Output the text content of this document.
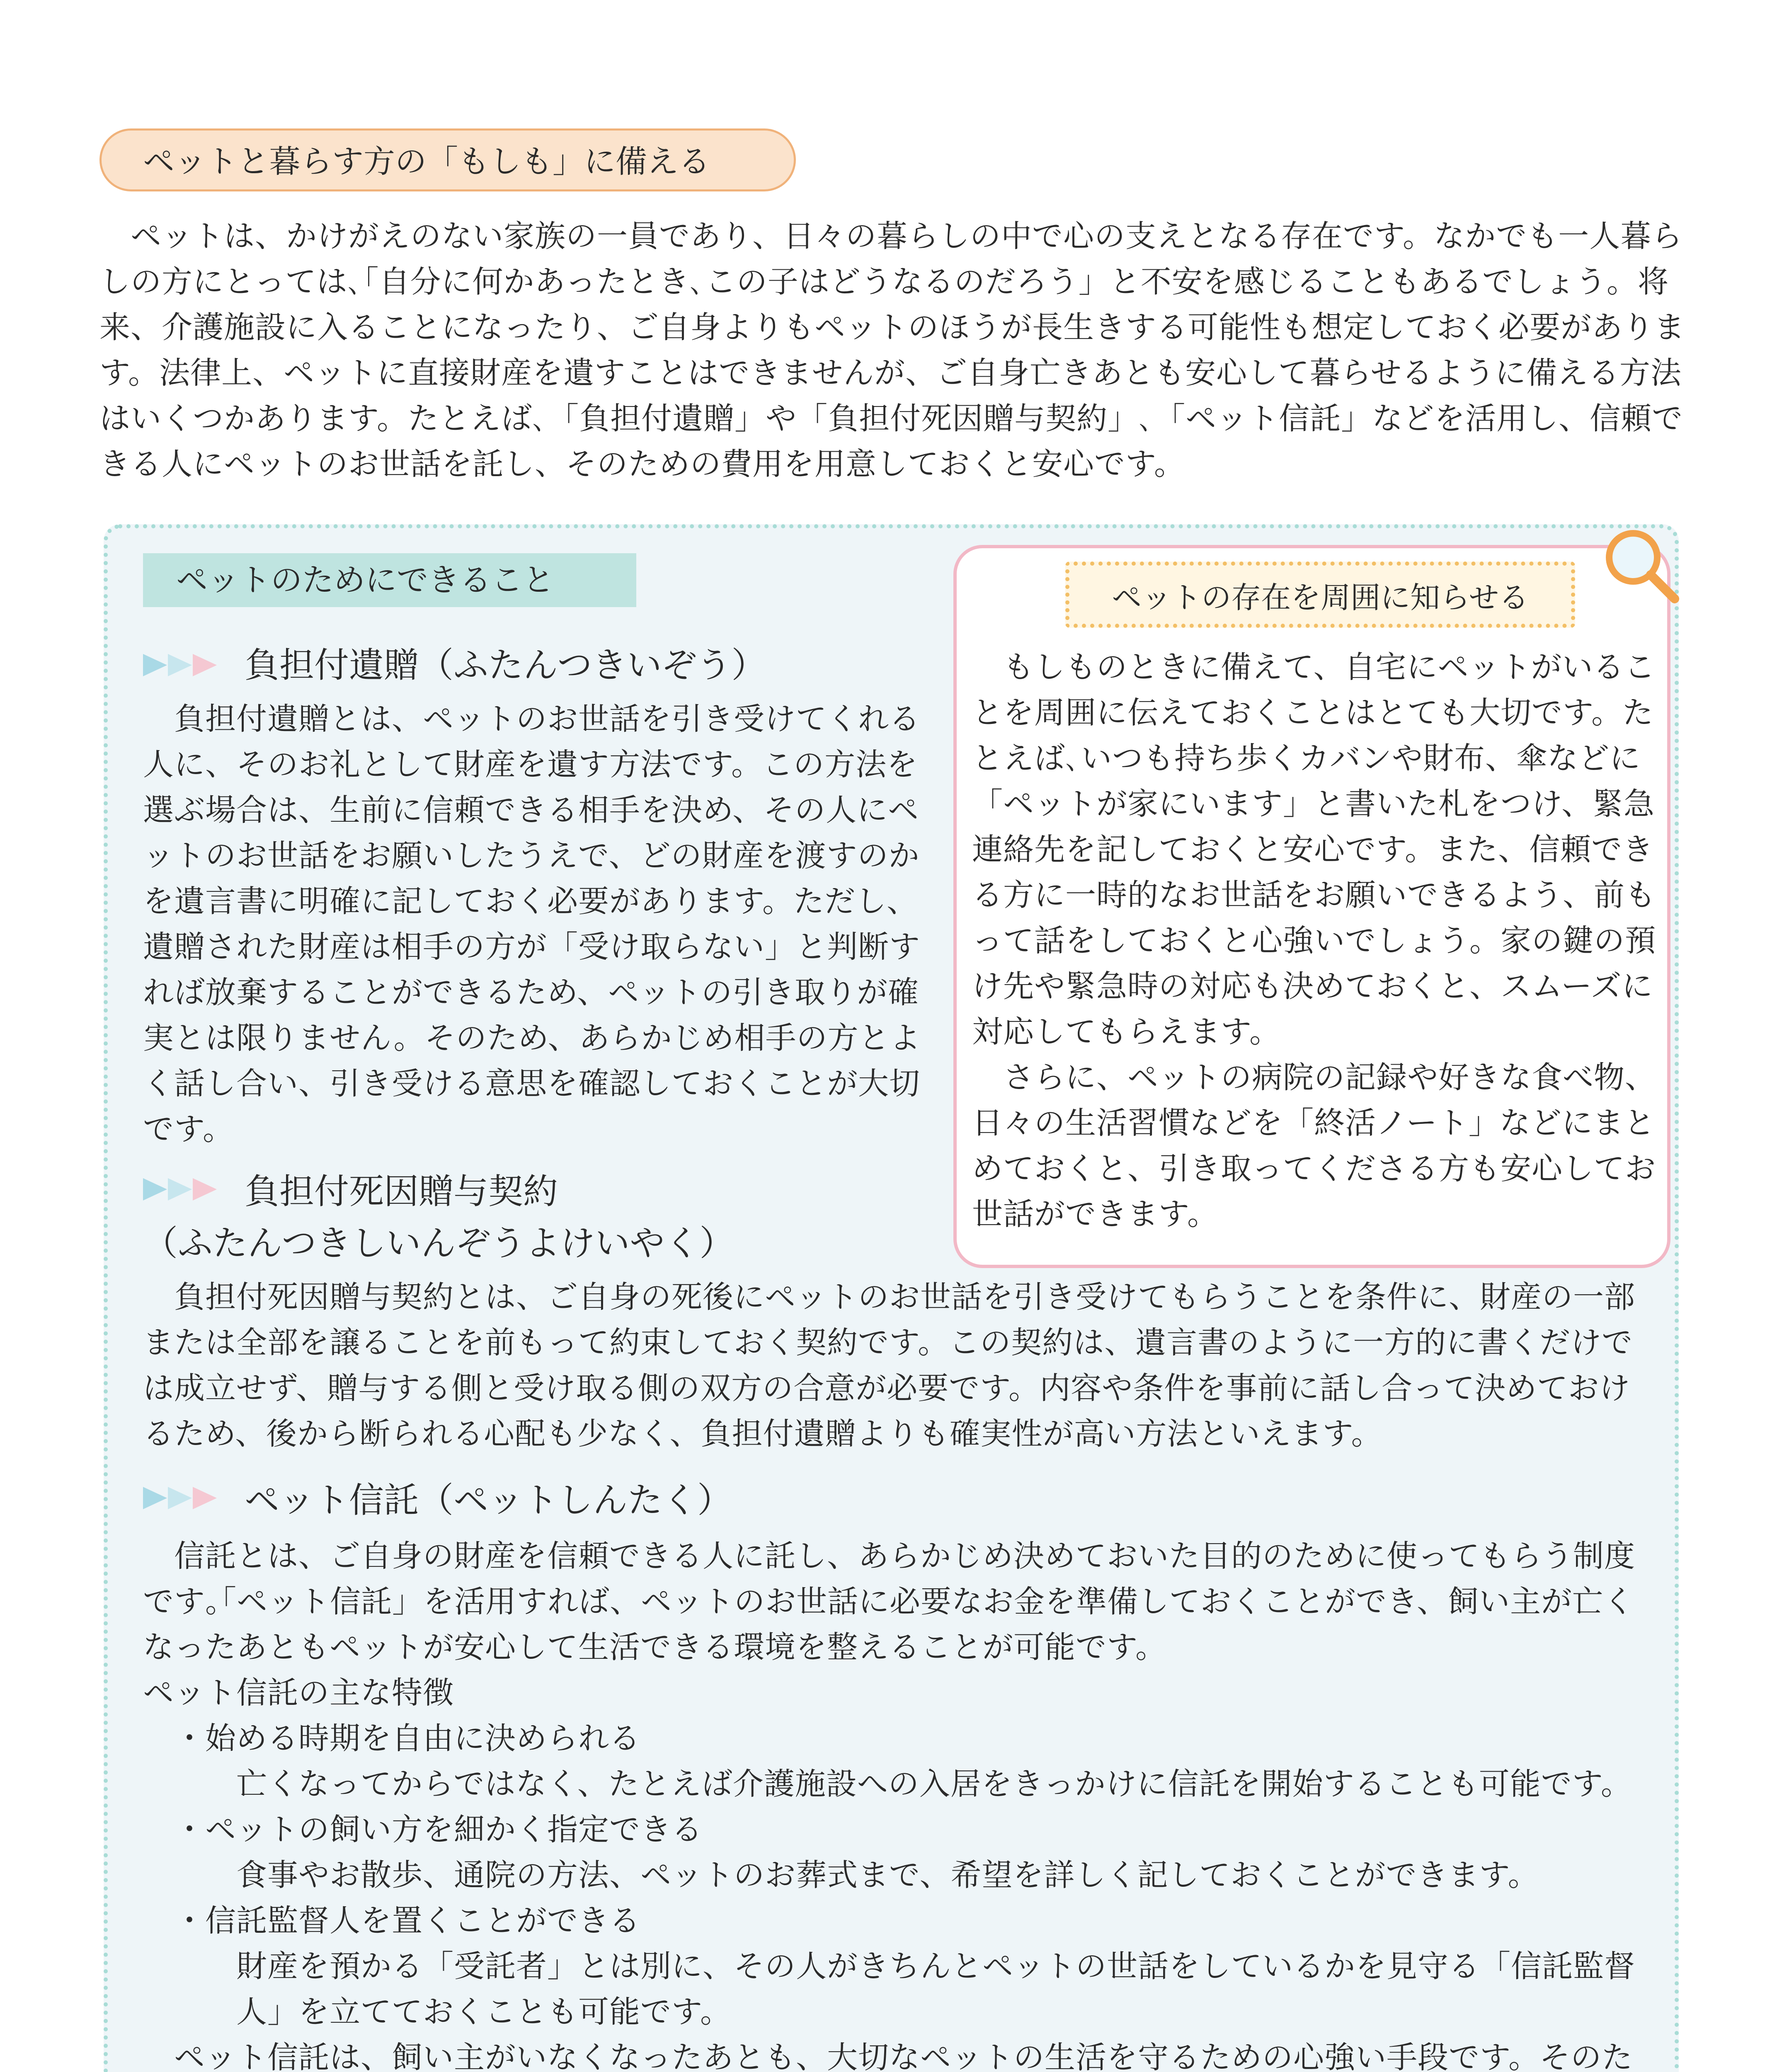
ペットと暮らす方の「もしも」に備える

　ペットは、かけがえのない家族の一員であり、日々の暮らしの中で心の支えとなる存在です。なかでも一人暮らしの方にとっては､｢自分に何かあったとき､この子はどうなるのだろう」と不安を感じることもあるでしょう。将来、介護施設に入ることになったり、ご自身よりもペットのほうが長生きする可能性も想定しておく必要があります。法律上、ペットに直接財産を遺すことはできませんが、ご自身亡きあとも安心して暮らせるように備える方法はいくつかあります。たとえば､「負担付遺贈」や「負担付死因贈与契約」､「ペット信託」などを活用し、信頼できる人にペットのお世話を託し、そのための費用を用意しておくと安心です。

ペットのためにできること
負担付遺贈（ふたんつきいぞう）

　負担付遺贈とは、ペットのお世話を引き受けてくれる人に、そのお礼として財産を遺す方法です。この方法を選ぶ場合は、生前に信頼できる相手を決め、その人にペットのお世話をお願いしたうえで、どの財産を渡すのかを遺言書に明確に記しておく必要があります。ただし、遺贈された財産は相手の方が「受け取らない」と判断すれば放棄することができるため、ペットの引き取りが確実とは限りません。そのため、あらかじめ相手の方とよく話し合い、引き受ける意思を確認しておくことが大切です。

負担付死因贈与契約
（ふたんつきしいんぞうよけいやく）

　負担付死因贈与契約とは、ご自身の死後にペットのお世話を引き受けてもらうことを条件に、財産の一部または全部を譲ることを前もって約束しておく契約です。この契約は、遺言書のように一方的に書くだけでは成立せず、贈与する側と受け取る側の双方の合意が必要です。内容や条件を事前に話し合って決めておけるため、後から断られる心配も少なく、負担付遺贈よりも確実性が高い方法といえます。

ペット信託（ペットしんたく）

　信託とは、ご自身の財産を信頼できる人に託し、あらかじめ決めておいた目的のために使ってもらう制度です｡｢ペット信託」を活用すれば、ペットのお世話に必要なお金を準備しておくことができ、飼い主が亡くなったあともペットが安心して生活できる環境を整えることが可能です。

ペット信託の主な特徴
・始める時期を自由に決められる
亡くなってからではなく、たとえば介護施設への入居をきっかけに信託を開始することも可能です。
・ペットの飼い方を細かく指定できる
食事やお散歩、通院の方法、ペットのお葬式まで、希望を詳しく記しておくことができます。
・信託監督人を置くことができる
財産を預かる「受託者」とは別に、その人がきちんとペットの世話をしているかを見守る「信託監督人」を立てておくことも可能です。

　ペット信託は、飼い主がいなくなったあとも、大切なペットの生活を守るための心強い手段です。そのた

ペットの存在を周囲に知らせる

　もしものときに備えて、自宅にペットがいることを周囲に伝えておくことはとても大切です。たとえば､いつも持ち歩くカバンや財布、傘などに「ペットが家にいます」と書いた札をつけ、緊急連絡先を記しておくと安心です。また、信頼できる方に一時的なお世話をお願いできるよう、前もって話をしておくと心強いでしょう。家の鍵の預け先や緊急時の対応も決めておくと、スムーズに対応してもらえます。
　さらに、ペットの病院の記録や好きな食べ物、日々の生活習慣などを「終活ノート」などにまとめておくと、引き取ってくださる方も安心してお世話ができます。
